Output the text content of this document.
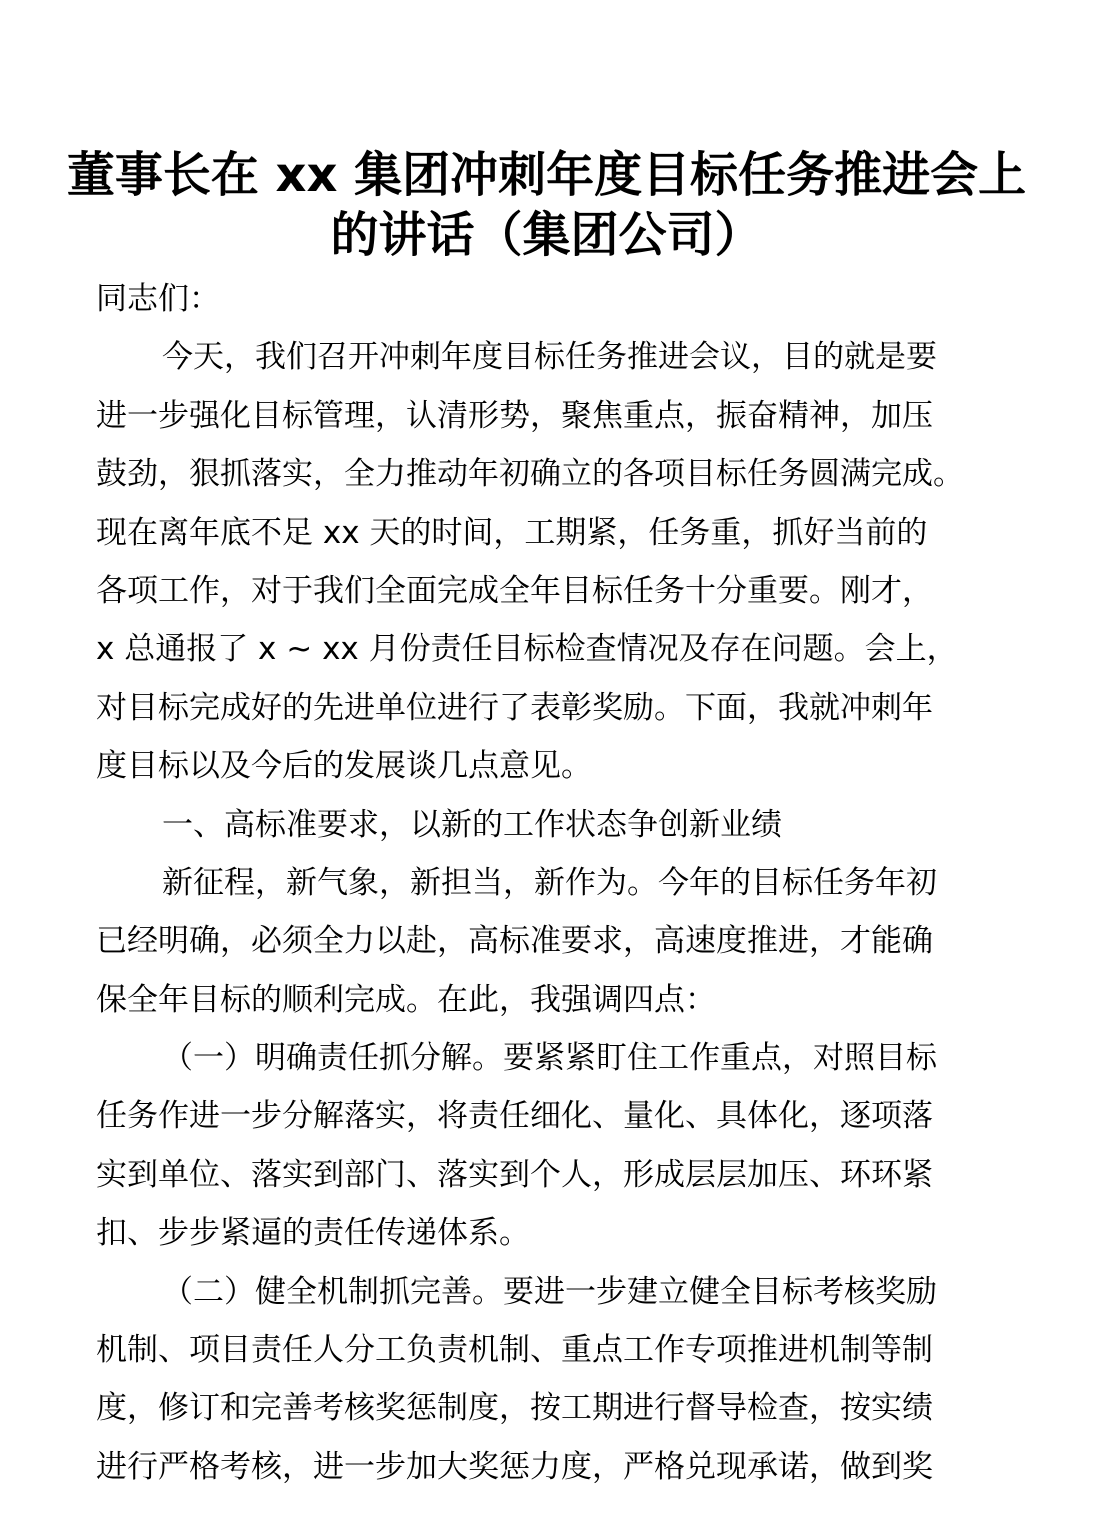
董事长在 xx 集团冲刺年度目标任务推进会上
的讲话（集团公司）
同志们：
今天，我们召开冲刺年度目标任务推进会议，目的就是要
进一步强化目标管理，认清形势，聚焦重点，振奋精神，加压
鼓劲，狠抓落实，全力推动年初确立的各项目标任务圆满完成。
现在离年底不足 xx 天的时间，工期紧，任务重，抓好当前的
各项工作，对于我们全面完成全年目标任务十分重要。刚才，
x 总通报了 x ~ xx 月份责任目标检查情况及存在问题。会上，
对目标完成好的先进单位进行了表彰奖励。下面，我就冲刺年
度目标以及今后的发展谈几点意见。
一、高标准要求，以新的工作状态争创新业绩
新征程，新气象，新担当，新作为。今年的目标任务年初
已经明确，必须全力以赴，高标准要求，高速度推进，才能确
保全年目标的顺利完成。在此，我强调四点：
（一）明确责任抓分解。要紧紧盯住工作重点，对照目标
任务作进一步分解落实，将责任细化、量化、具体化，逐项落
实到单位、落实到部门、落实到个人，形成层层加压、环环紧
扣、步步紧逼的责任传递体系。
（二）健全机制抓完善。要进一步建立健全目标考核奖励
机制、项目责任人分工负责机制、重点工作专项推进机制等制
度，修订和完善考核奖惩制度，按工期进行督导检查，按实绩
进行严格考核，进一步加大奖惩力度，严格兑现承诺，做到奖
